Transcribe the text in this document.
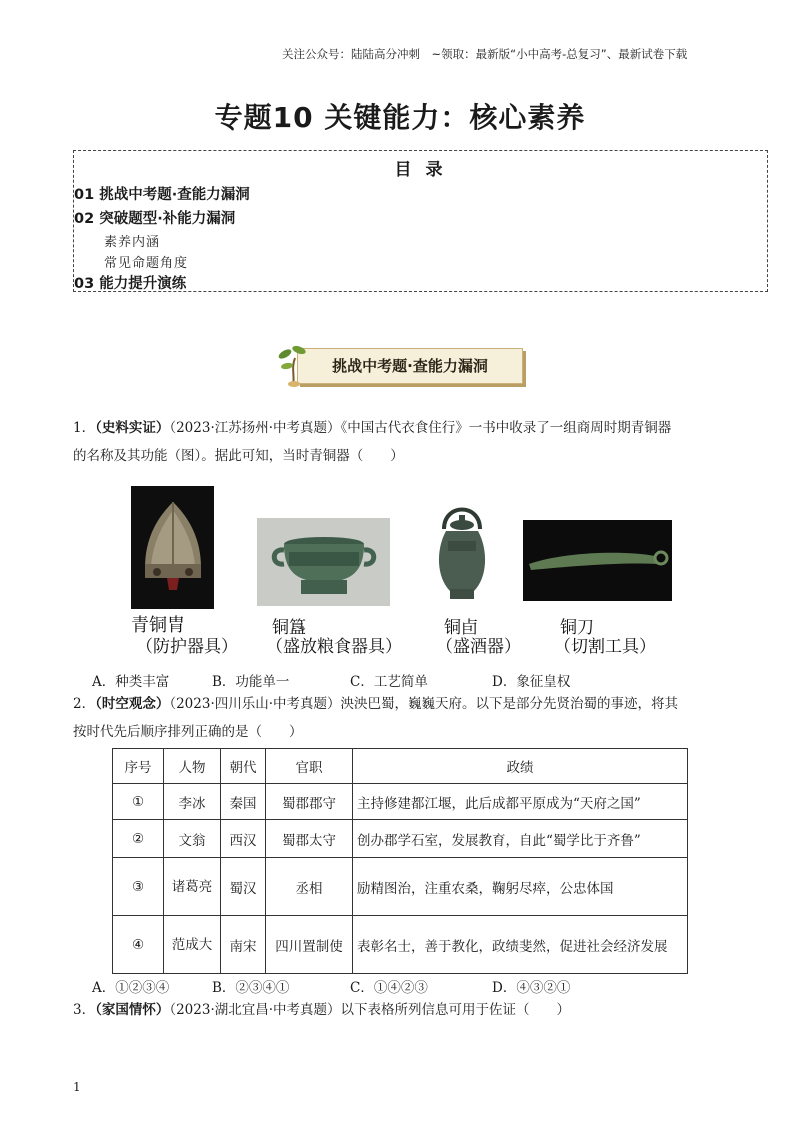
关注公众号：陆陆高分冲刺　~领取：最新版“小中高考-总复习”、最新试卷下载
专题10 关键能力：核心素养
目 录
01 挑战中考题·查能力漏洞
02 突破题型·补能力漏洞
素养内涵
常见命题角度
03 能力提升演练
挑战中考题·查能力漏洞
1．（史料实证）（2023·江苏扬州·中考真题）《中国古代衣食住行》一书中收录了一组商周时期青铜器
的名称及其功能（图）。据此可知，当时青铜器（　　）
青铜胄
（防护器具）
铜簋
（盛放粮食器具）
铜卣
（盛酒器）
铜刀
（切割工具）
A．种类丰富	B．功能单一	C．工艺简单	D．象征皇权
2．（时空观念）（2023·四川乐山·中考真题）泱泱巴蜀，巍巍天府。以下是部分先贤治蜀的事迹，将其
按时代先后顺序排列正确的是（　　）
序号	人物	朝代	官职	政绩
①	李冰	秦国	蜀郡郡守	主持修建都江堰，此后成都平原成为“天府之国”
②	文翁	西汉	蜀郡太守	创办郡学石室，发展教育，自此“蜀学比于齐鲁”
③	诸葛亮	蜀汉	丞相	励精图治，注重农桑，鞠躬尽瘁，公忠体国
④	范成大	南宋	四川置制使	表彰名士，善于教化，政绩斐然，促进社会经济发展
A．①②③④	B．②③④①	C．①④②③	D．④③②①
3．（家国情怀）（2023·湖北宜昌·中考真题）以下表格所列信息可用于佐证（　　）
1
